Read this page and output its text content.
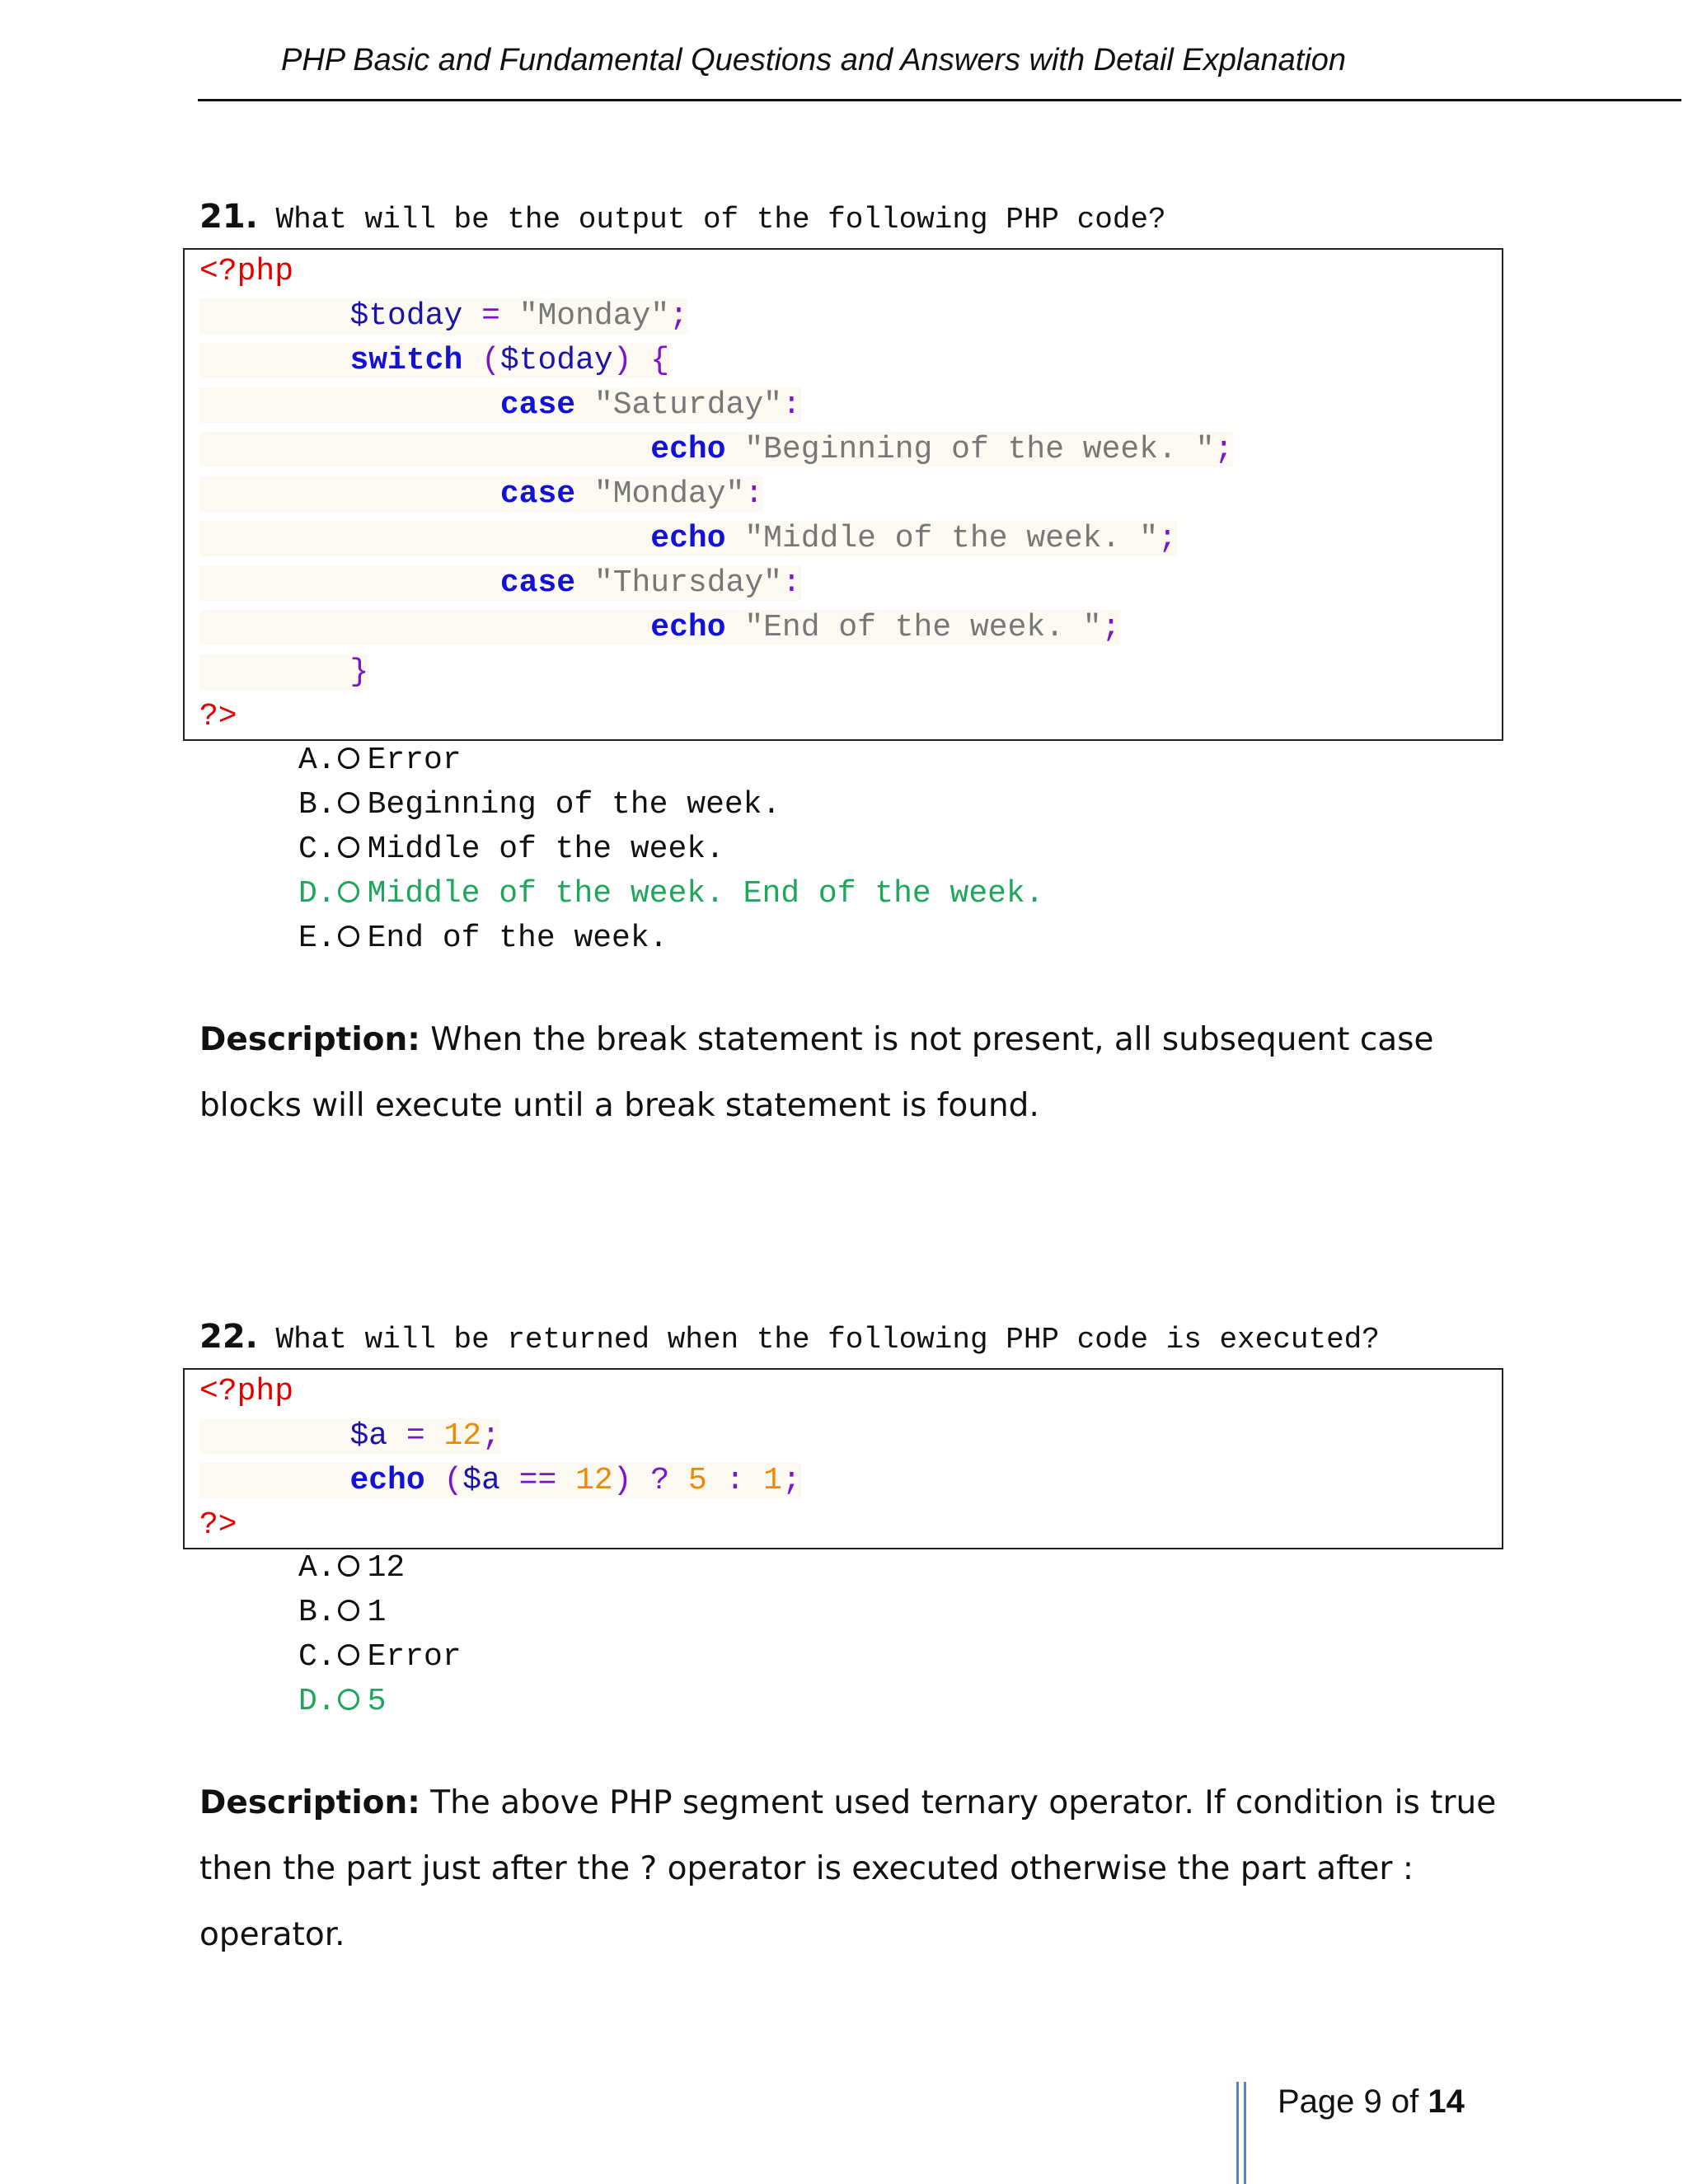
PHP Basic and Fundamental Questions and Answers with Detail Explanation
21. What will be the output of the following PHP code?
<?php
$today = "Monday";
switch ($today) {
case "Saturday":
echo "Beginning of the week. ";
case "Monday":
echo "Middle of the week. ";
case "Thursday":
echo "End of the week. ";
}
?>
A. Error
B. Beginning of the week.
C. Middle of the week.
D. Middle of the week. End of the week.
E. End of the week.
Description: When the break statement is not present, all subsequent case blocks will execute until a break statement is found.
22. What will be returned when the following PHP code is executed?
<?php
$a = 12;
echo ($a == 12) ? 5 : 1;
?>
A. 12
B. 1
C. Error
D. 5
Description: The above PHP segment used ternary operator. If condition is true then the part just after the ? operator is executed otherwise the part after : operator.
Page 9 of 14
